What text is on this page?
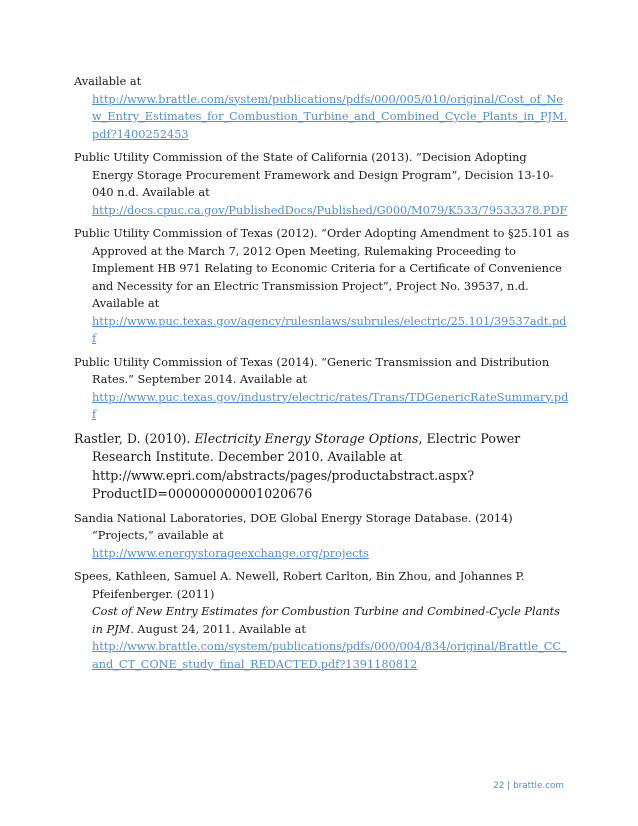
Available at
http://www.brattle.com/system/publications/pdfs/000/005/010/original/Cost_of_New_Entry_Estimates_for_Combustion_Turbine_and_Combined_Cycle_Plants_in_PJM.pdf?1400252453
Public Utility Commission of the State of California (2013). “Decision Adopting Energy Storage Procurement Framework and Design Program”, Decision 13-10-040 n.d. Available at
http://docs.cpuc.ca.gov/PublishedDocs/Published/G000/M079/K533/79533378.PDF
Public Utility Commission of Texas (2012). “Order Adopting Amendment to §25.101 as Approved at the March 7, 2012 Open Meeting, Rulemaking Proceeding to Implement HB 971 Relating to Economic Criteria for a Certificate of Convenience and Necessity for an Electric Transmission Project”, Project No. 39537, n.d. Available at
http://www.puc.texas.gov/agency/rulesnlaws/subrules/electric/25.101/39537adt.pdf
Public Utility Commission of Texas (2014). “Generic Transmission and Distribution Rates.” September 2014. Available at
http://www.puc.texas.gov/industry/electric/rates/Trans/TDGenericRateSummary.pdf
Rastler, D. (2010). Electricity Energy Storage Options, Electric Power Research Institute. December 2010. Available at
http://www.epri.com/abstracts/pages/productabstract.aspx?ProductID=000000000001020676
Sandia National Laboratories, DOE Global Energy Storage Database. (2014) “Projects,” available at
http://www.energystorageexchange.org/projects
Spees, Kathleen, Samuel A. Newell, Robert Carlton, Bin Zhou, and Johannes P. Pfeifenberger. (2011)
Cost of New Entry Estimates for Combustion Turbine and Combined-Cycle Plants in PJM. August 24, 2011. Available at
http://www.brattle.com/system/publications/pdfs/000/004/834/original/Brattle_CC_and_CT_CONE_study_final_REDACTED.pdf?1391180812
22 | brattle.com
